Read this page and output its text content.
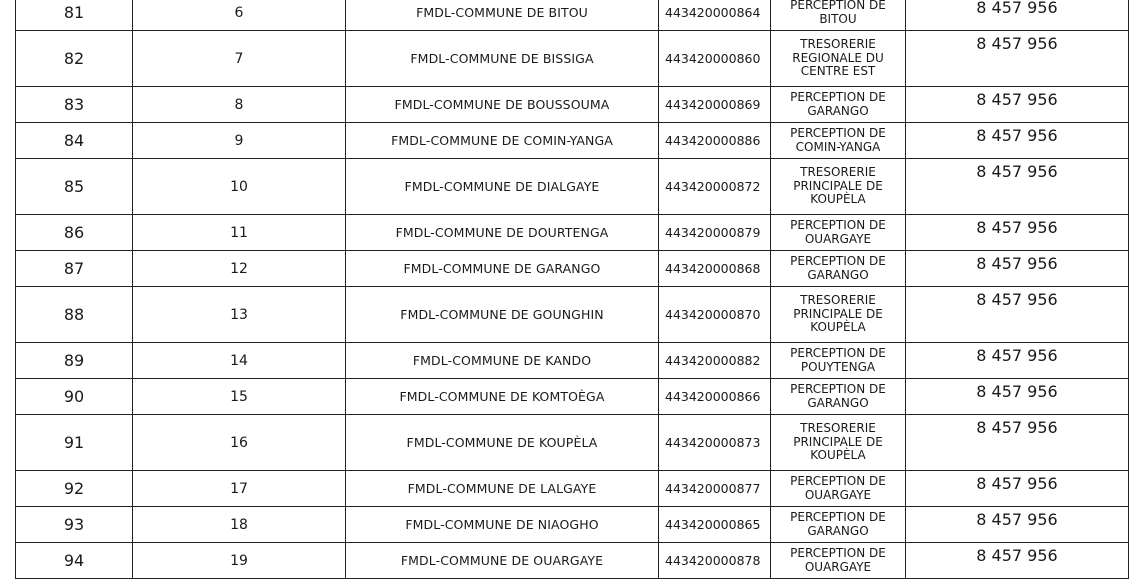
81	6	FMDL-COMMUNE DE BITOU	443420000864	PERCEPTION DE
BITOU	8 457 956
82	7	FMDL-COMMUNE DE BISSIGA	443420000860	TRESORERIE
REGIONALE DU
CENTRE EST	8 457 956
83	8	FMDL-COMMUNE DE BOUSSOUMA	443420000869	PERCEPTION DE
GARANGO	8 457 956
84	9	FMDL-COMMUNE DE COMIN-YANGA	443420000886	PERCEPTION DE
COMIN-YANGA	8 457 956
85	10	FMDL-COMMUNE DE DIALGAYE	443420000872	TRESORERIE
PRINCIPALE DE
KOUPÈLA	8 457 956
86	11	FMDL-COMMUNE DE DOURTENGA	443420000879	PERCEPTION DE
OUARGAYE	8 457 956
87	12	FMDL-COMMUNE DE GARANGO	443420000868	PERCEPTION DE
GARANGO	8 457 956
88	13	FMDL-COMMUNE DE GOUNGHIN	443420000870	TRESORERIE
PRINCIPALE DE
KOUPÈLA	8 457 956
89	14	FMDL-COMMUNE DE KANDO	443420000882	PERCEPTION DE
POUYTENGA	8 457 956
90	15	FMDL-COMMUNE DE KOMTOÈGA	443420000866	PERCEPTION DE
GARANGO	8 457 956
91	16	FMDL-COMMUNE DE KOUPÈLA	443420000873	TRESORERIE
PRINCIPALE DE
KOUPÈLA	8 457 956
92	17	FMDL-COMMUNE DE LALGAYE	443420000877	PERCEPTION DE
OUARGAYE	8 457 956
93	18	FMDL-COMMUNE DE NIAOGHO	443420000865	PERCEPTION DE
GARANGO	8 457 956
94	19	FMDL-COMMUNE DE OUARGAYE	443420000878	PERCEPTION DE
OUARGAYE	8 457 956
